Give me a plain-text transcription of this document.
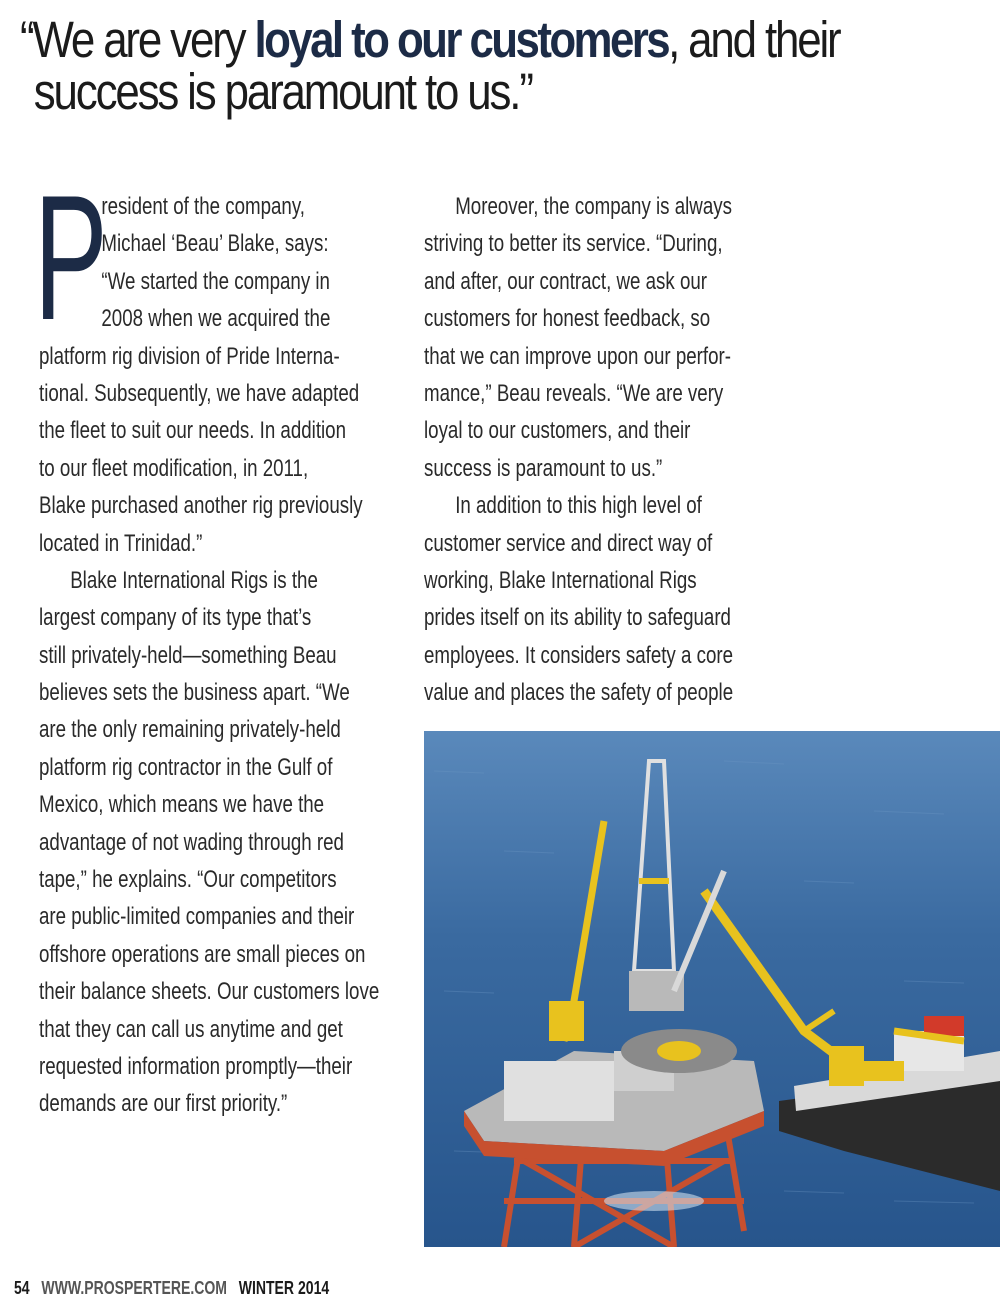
“We are very loyal to our customers, and their
success is paramount to us.”
P
resident of the company,
Michael ‘Beau’ Blake, says:
“We started the company in
2008 when we acquired the
platform rig division of Pride Interna-
tional. Subsequently, we have adapted
the fleet to suit our needs. In addition
to our fleet modification, in 2011,
Blake purchased another rig previously
located in Trinidad.”
Blake International Rigs is the
largest company of its type that’s
still privately-held—something Beau
believes sets the business apart. “We
are the only remaining privately-held
platform rig contractor in the Gulf of
Mexico, which means we have the
advantage of not wading through red
tape,” he explains. “Our competitors
are public-limited companies and their
offshore operations are small pieces on
their balance sheets. Our customers love
that they can call us anytime and get
requested information promptly—their
demands are our first priority.”
Moreover, the company is always
striving to better its service. “During,
and after, our contract, we ask our
customers for honest feedback, so
that we can improve upon our perfor-
mance,” Beau reveals. “We are very
loyal to our customers, and their
success is paramount to us.”
In addition to this high level of
customer service and direct way of
working, Blake International Rigs
prides itself on its ability to safeguard
employees. It considers safety a core
value and places the safety of people
54 WWW.PROSPERTERE.COM WINTER 2014
